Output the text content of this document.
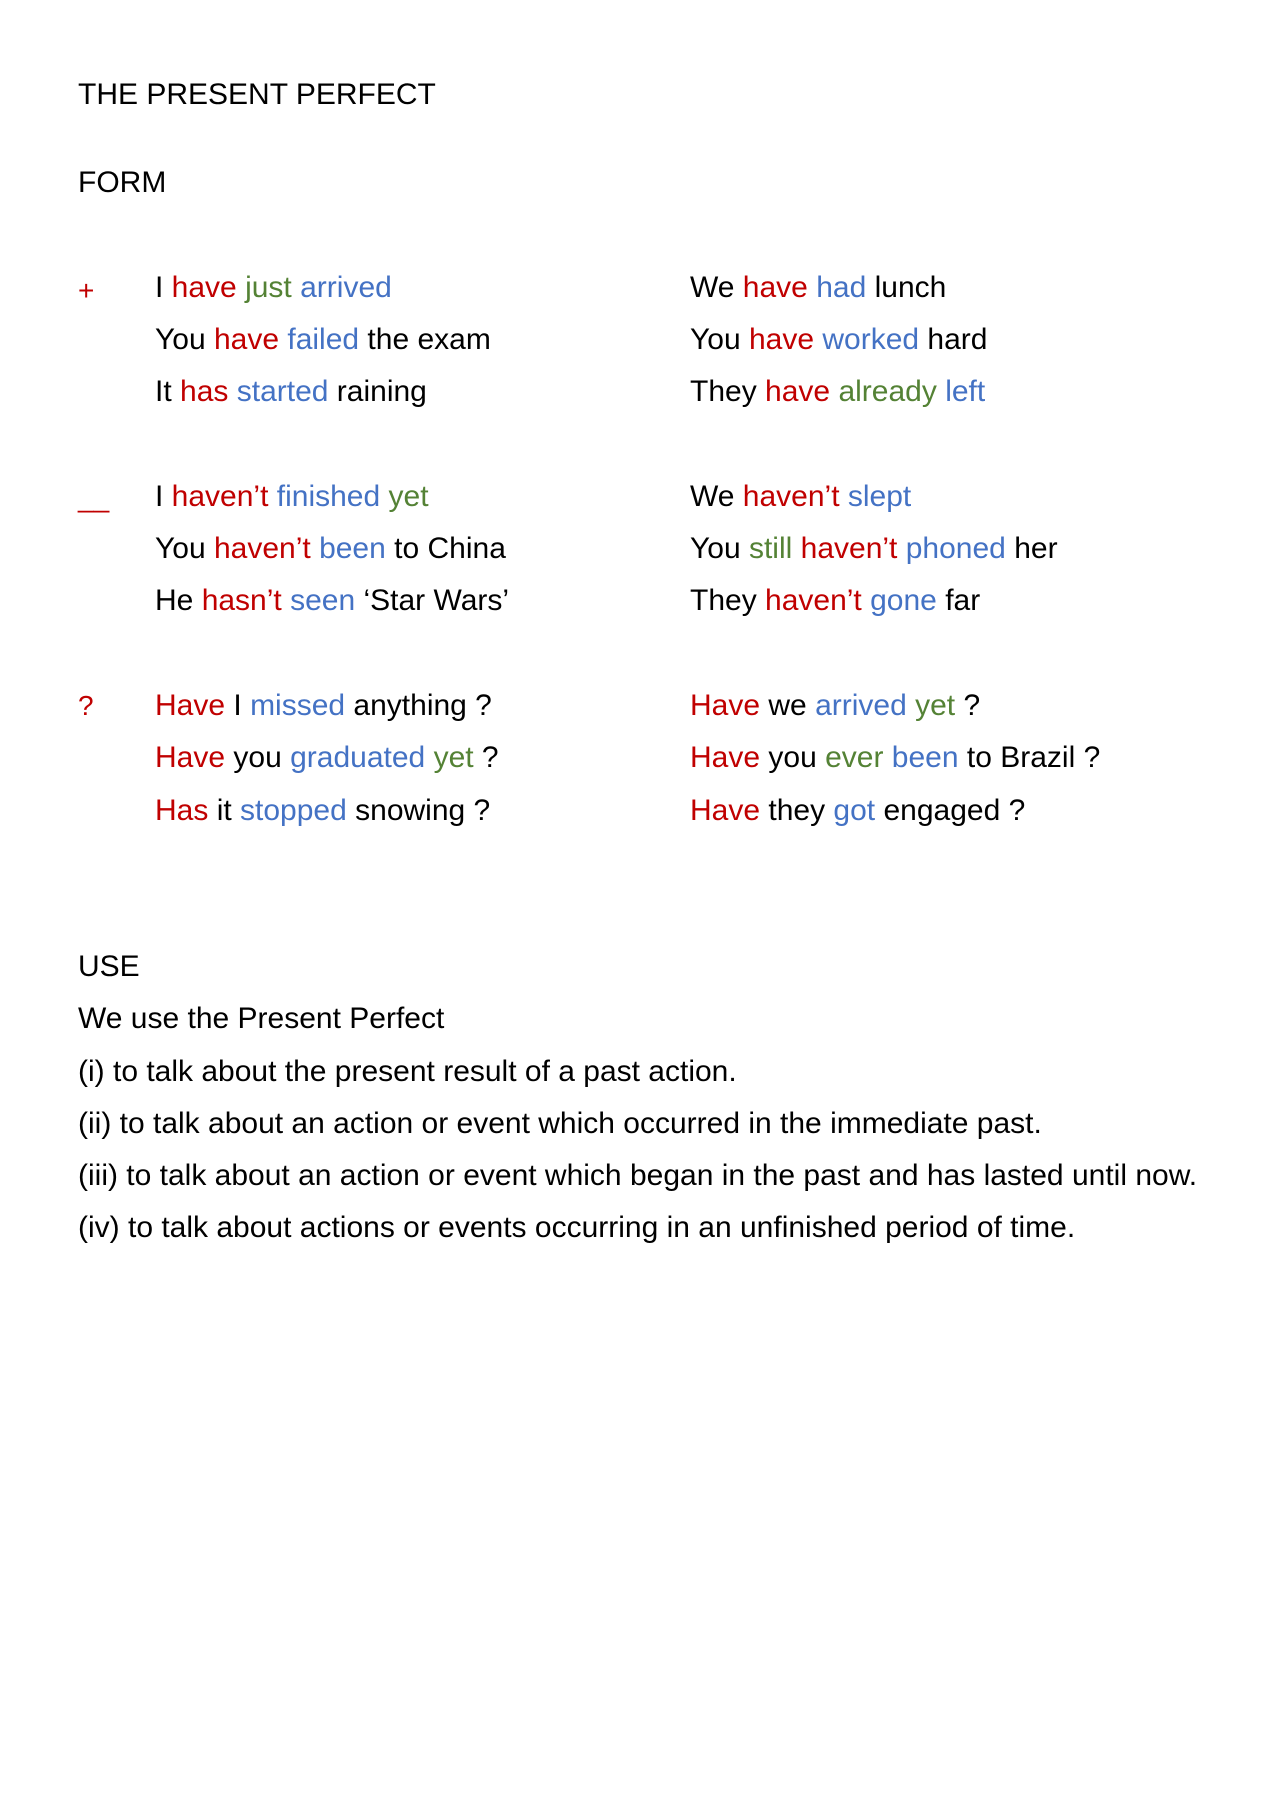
THE PRESENT PERFECT
FORM
+ I have just arrived
You have failed the exam
It has started raining
We have had lunch
You have worked hard
They have already left
__ I haven’t finished yet
You haven’t been to China
He hasn’t seen ‘Star Wars’
We haven’t slept
You still haven’t phoned her
They haven’t gone far
? Have I missed anything ?
Have you graduated yet ?
Has it stopped snowing ?
Have we arrived yet ?
Have you ever been to Brazil ?
Have they got engaged ?
USE
We use the Present Perfect
(i) to talk about the present result of a past action.
(ii) to talk about an action or event which occurred in the immediate past.
(iii) to talk about an action or event which began in the past and has lasted until now.
(iv) to talk about actions or events occurring in an unfinished period of time.
